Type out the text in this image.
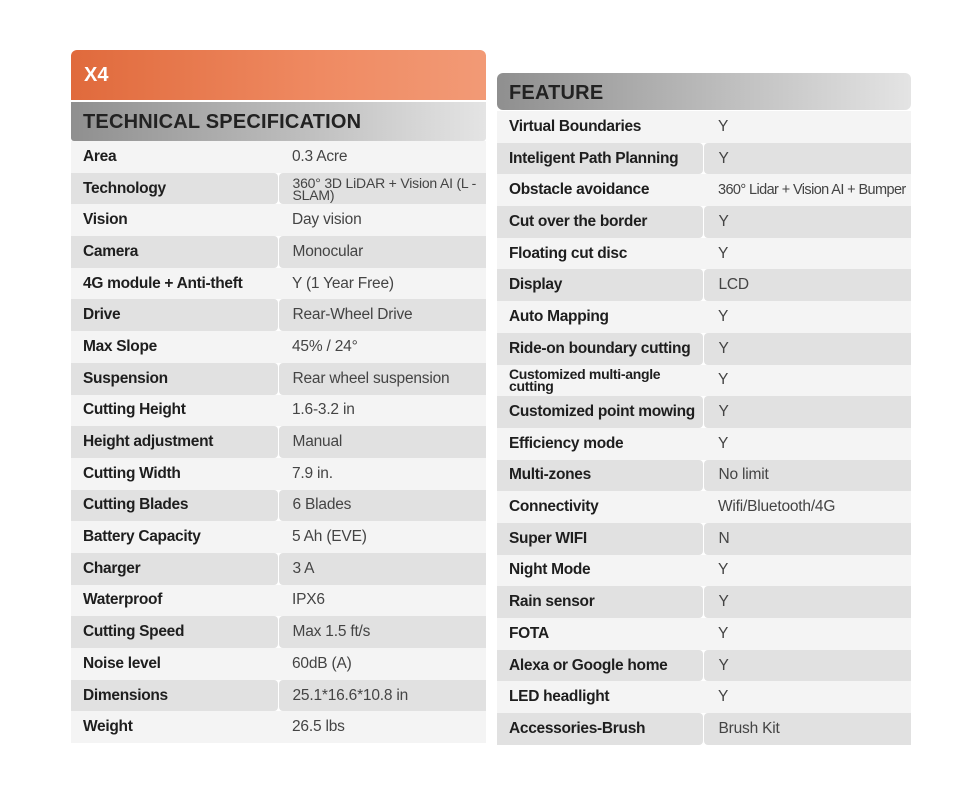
X4
TECHNICAL SPECIFICATION
Area	0.3 Acre
Technology	360° 3D LiDAR + Vision AI (L - SLAM)
Vision	Day vision
Camera	Monocular
4G module + Anti-theft	Y (1 Year Free)
Drive	Rear-Wheel Drive
Max Slope	45% / 24°
Suspension	Rear wheel suspension
Cutting Height	1.6-3.2 in
Height adjustment	Manual
Cutting Width	7.9 in.
Cutting Blades	6 Blades
Battery Capacity	5 Ah (EVE)
Charger	3 A
Waterproof	IPX6
Cutting Speed	Max 1.5 ft/s
Noise level	60dB (A)
Dimensions	25.1*16.6*10.8 in
Weight	26.5 lbs
FEATURE
Virtual Boundaries	Y
Inteligent Path Planning	Y
Obstacle avoidance	360° Lidar + Vision AI + Bumper
Cut over the border	Y
Floating cut disc	Y
Display	LCD
Auto Mapping	Y
Ride-on boundary cutting	Y
Customized multi-angle cutting	Y
Customized point mowing	Y
Efficiency mode	Y
Multi-zones	No limit
Connectivity	Wifi/Bluetooth/4G
Super WIFI	N
Night Mode	Y
Rain sensor	Y
FOTA	Y
Alexa or Google home	Y
LED headlight	Y
Accessories-Brush	Brush Kit
